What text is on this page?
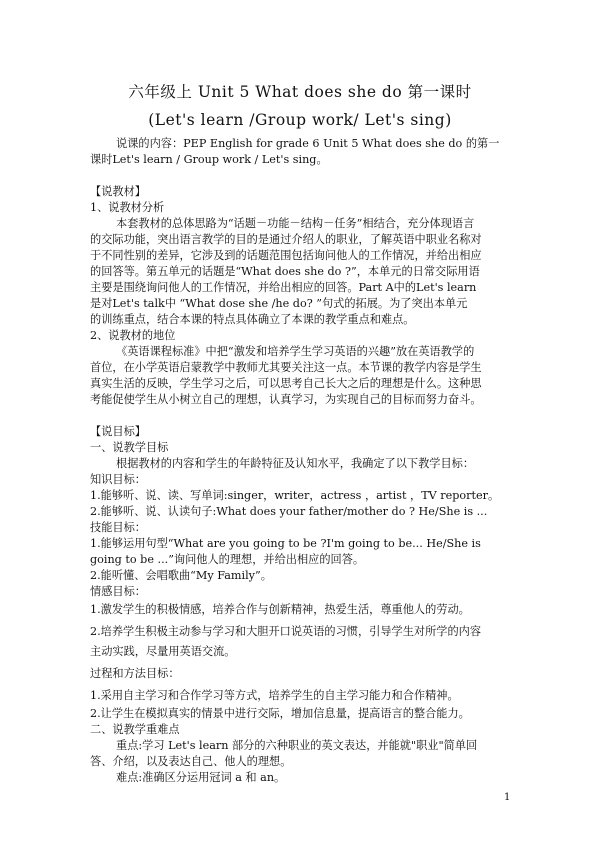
六年级上 Unit 5 What does she do 第一课时
(Let's learn /Group work/ Let's sing)
说课的内容：PEP English for grade 6 Unit 5 What does she do 的第一
课时Let's learn / Group work / Let's sing。
【说教材】
1、说教材分析
本套教材的总体思路为“话题－功能－结构－任务”相结合，充分体现语言
的交际功能，突出语言教学的目的是通过介绍人的职业，了解英语中职业名称对
于不同性别的差异，它涉及到的话题范围包括询问他人的工作情况，并给出相应
的回答等。第五单元的话题是“What does she do ?”，本单元的日常交际用语
主要是围绕询问他人的工作情况，并给出相应的回答。Part A中的Let's learn
是对Let's talk中 “What dose she /he do? ”句式的拓展。为了突出本单元
的训练重点，结合本课的特点具体确立了本课的教学重点和难点。
2、说教材的地位
《英语课程标准》中把“激发和培养学生学习英语的兴趣”放在英语教学的
首位，在小学英语启蒙教学中教师尤其要关注这一点。本节课的教学内容是学生
真实生活的反映，学生学习之后，可以思考自己长大之后的理想是什么。这种思
考能促使学生从小树立自己的理想，认真学习，为实现自己的目标而努力奋斗。
【说目标】
一、说教学目标
根据教材的内容和学生的年龄特征及认知水平，我确定了以下教学目标：
知识目标：
1.能够听、说、读、写单词:singer，writer，actress ，artist ，TV reporter。
2.能够听、说、认读句子:What does your father/mother do ? He/She is ...
技能目标：
1.能够运用句型“What are you going to be ?I'm going to be... He/She is
going to be ...”询问他人的理想，并给出相应的回答。
2.能听懂、会唱歌曲“My Family”。
情感目标：
1.激发学生的积极情感，培养合作与创新精神，热爱生活，尊重他人的劳动。
2.培养学生积极主动参与学习和大胆开口说英语的习惯，引导学生对所学的内容
主动实践，尽量用英语交流。
过程和方法目标：
1.采用自主学习和合作学习等方式，培养学生的自主学习能力和合作精神。
2.让学生在模拟真实的情景中进行交际，增加信息量，提高语言的整合能力。
二、说教学重难点
重点:学习 Let's learn 部分的六种职业的英文表达，并能就"职业"简单回
答、介绍，以及表达自己、他人的理想。
难点:准确区分运用冠词 a 和 an。
1
